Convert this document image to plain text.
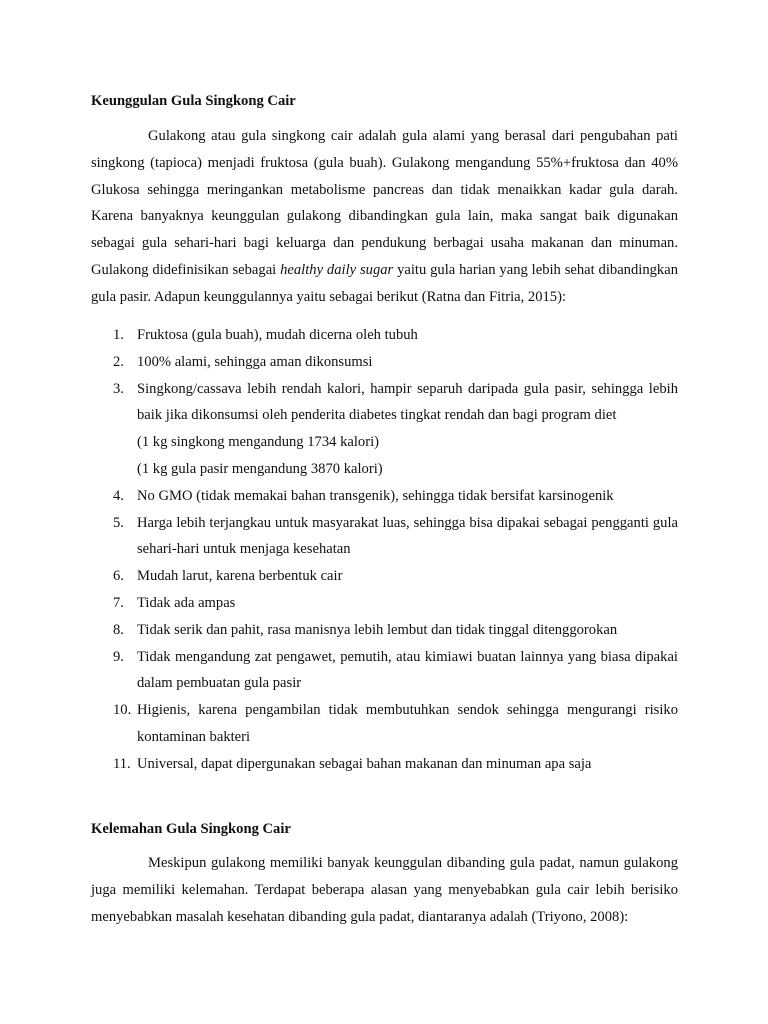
Keunggulan Gula Singkong Cair

Gulakong atau gula singkong cair adalah gula alami yang berasal dari pengubahan pati singkong (tapioca) menjadi fruktosa (gula buah). Gulakong mengandung 55%+fruktosa dan 40% Glukosa sehingga meringankan metabolisme pancreas dan tidak menaikkan kadar gula darah. Karena banyaknya keunggulan gulakong dibandingkan gula lain, maka sangat baik digunakan sebagai gula sehari-hari bagi keluarga dan pendukung berbagai usaha makanan dan minuman. Gulakong didefinisikan sebagai healthy daily sugar yaitu gula harian yang lebih sehat dibandingkan gula pasir. Adapun keunggulannya yaitu sebagai berikut (Ratna dan Fitria, 2015):

1. Fruktosa (gula buah), mudah dicerna oleh tubuh
2. 100% alami, sehingga aman dikonsumsi
3. Singkong/cassava lebih rendah kalori, hampir separuh daripada gula pasir, sehingga lebih baik jika dikonsumsi oleh penderita diabetes tingkat rendah dan bagi program diet
(1 kg singkong mengandung 1734 kalori)
(1 kg gula pasir mengandung 3870 kalori)
4. No GMO (tidak memakai bahan transgenik), sehingga tidak bersifat karsinogenik
5. Harga lebih terjangkau untuk masyarakat luas, sehingga bisa dipakai sebagai pengganti gula sehari-hari untuk menjaga kesehatan
6. Mudah larut, karena berbentuk cair
7. Tidak ada ampas
8. Tidak serik dan pahit, rasa manisnya lebih lembut dan tidak tinggal ditenggorokan
9. Tidak mengandung zat pengawet, pemutih, atau kimiawi buatan lainnya yang biasa dipakai dalam pembuatan gula pasir
10. Higienis, karena pengambilan tidak membutuhkan sendok sehingga mengurangi risiko kontaminan bakteri
11. Universal, dapat dipergunakan sebagai bahan makanan dan minuman apa saja
Kelemahan Gula Singkong Cair

Meskipun gulakong memiliki banyak keunggulan dibanding gula padat, namun gulakong juga memiliki kelemahan. Terdapat beberapa alasan yang menyebabkan gula cair lebih berisiko menyebabkan masalah kesehatan dibanding gula padat, diantaranya adalah (Triyono, 2008):
